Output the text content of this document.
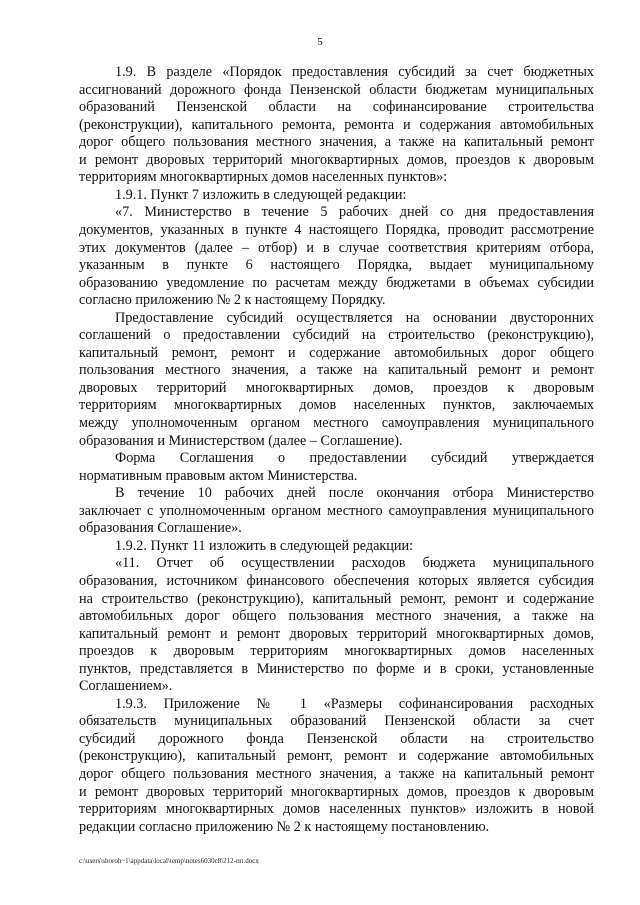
5
1.9. В разделе «Порядок предоставления субсидий за счет бюджетных
ассигнований дорожного фонда Пензенской области бюджетам муниципальных
образований Пензенской области на софинансирование строительства
(реконструкции), капитального ремонта, ремонта и содержания автомобильных
дорог общего пользования местного значения, а также на капитальный ремонт
и ремонт дворовых территорий многоквартирных домов, проездов к дворовым
территориям многоквартирных домов населенных пунктов»:
1.9.1. Пункт 7 изложить в следующей редакции:
«7. Министерство в течение 5 рабочих дней со дня предоставления
документов, указанных в пункте 4 настоящего Порядка, проводит рассмотрение
этих документов (далее – отбор) и в случае соответствия критериям отбора,
указанным в пункте 6 настоящего Порядка, выдает муниципальному
образованию уведомление по расчетам между бюджетами в объемах субсидии
согласно приложению № 2 к настоящему Порядку.
Предоставление субсидий осуществляется на основании двусторонних
соглашений о предоставлении субсидий на строительство (реконструкцию),
капитальный ремонт, ремонт и содержание автомобильных дорог общего
пользования местного значения, а также на капитальный ремонт и ремонт
дворовых территорий многоквартирных домов, проездов к дворовым
территориям многоквартирных домов населенных пунктов, заключаемых
между уполномоченным органом местного самоуправления муниципального
образования и Министерством (далее – Соглашение).
Форма Соглашения о предоставлении субсидий утверждается
нормативным правовым актом Министерства.
В течение 10 рабочих дней после окончания отбора Министерство
заключает с уполномоченным органом местного самоуправления муниципального
образования Соглашение».
1.9.2. Пункт 11 изложить в следующей редакции:
«11. Отчет об осуществлении расходов бюджета муниципального
образования, источником финансового обеспечения которых является субсидия
на строительство (реконструкцию), капитальный ремонт, ремонт и содержание
автомобильных дорог общего пользования местного значения, а также на
капитальный ремонт и ремонт дворовых территорий многоквартирных домов,
проездов к дворовым территориям многоквартирных домов населенных
пунктов, представляется в Министерство по форме и в сроки, установленные
Соглашением».
1.9.3. Приложение № 1 «Размеры софинансирования расходных
обязательств муниципальных образований Пензенской области за счет
субсидий дорожного фонда Пензенской области на строительство
(реконструкцию), капитальный ремонт, ремонт и содержание автомобильных
дорог общего пользования местного значения, а также на капитальный ремонт
и ремонт дворовых территорий многоквартирных домов, проездов к дворовым
территориям многоквартирных домов населенных пунктов» изложить в новой
редакции согласно приложению № 2 к настоящему постановлению.
c:\users\shoroh~1\appdata\local\temp\notes6030c8\212-пп.docx
